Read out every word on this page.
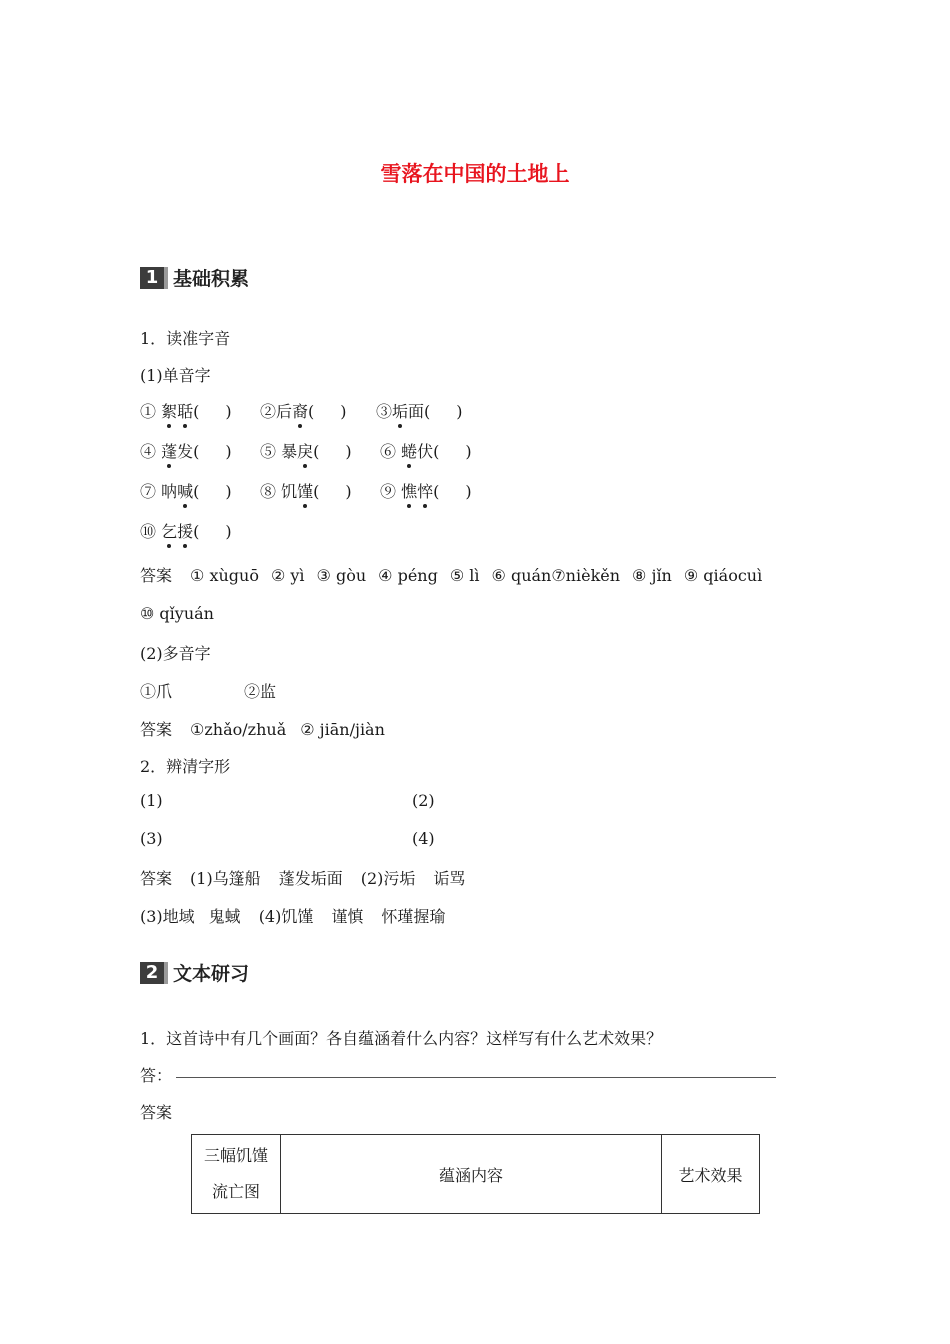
雪落在中国的土地上
1 基础积累
1．读准字音
(1)单音字
① 絮聒( ) ②后裔( ) ③垢面( )
④ 蓬发( ) ⑤ 暴戾( ) ⑥ 蜷伏( )
⑦ 呐喊( ) ⑧ 饥馑( ) ⑨ 憔悴( )
⑩ 乞援( )
答案 ① xùguō ② yì ③ gòu ④ péng ⑤ lì ⑥ quán⑦nièkěn ⑧ jǐn ⑨ qiáocuì
⑩ qǐyuán
(2)多音字
①爪	②监
答案 ①zhǎo/zhuǎ ② jiān/jiàn
2．辨清字形
(1)	(2)
(3)	(4)
答案 (1)乌篷船 蓬发垢面 (2)污垢 诟骂
(3)地域 鬼蜮 (4)饥馑 谨慎 怀瑾握瑜
2 文本研习
1．这首诗中有几个画面？各自蕴涵着什么内容？这样写有什么艺术效果？
答：
答案
三幅饥馑
流亡图
	蕴涵内容	艺术效果
